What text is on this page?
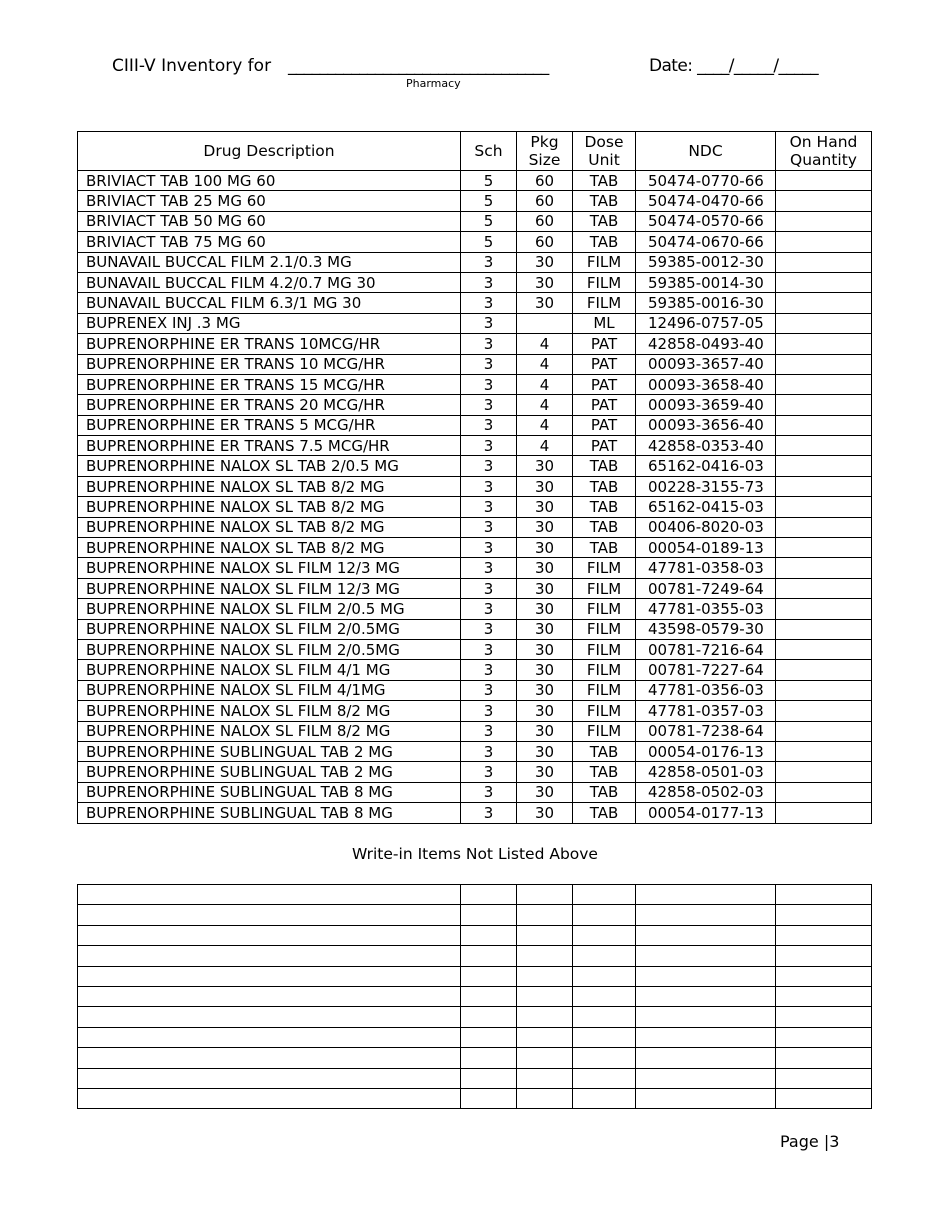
CIII-V Inventory for _________________________________
Pharmacy
Date: ____/_____/_____
Drug Description	Sch	Pkg Size	Dose Unit	NDC	On Hand Quantity
BRIVIACT TAB 100 MG 60	5	60	TAB	50474-0770-66	
BRIVIACT TAB 25 MG 60	5	60	TAB	50474-0470-66	
BRIVIACT TAB 50 MG 60	5	60	TAB	50474-0570-66	
BRIVIACT TAB 75 MG 60	5	60	TAB	50474-0670-66	
BUNAVAIL BUCCAL FILM 2.1/0.3 MG	3	30	FILM	59385-0012-30	
BUNAVAIL BUCCAL FILM 4.2/0.7 MG 30	3	30	FILM	59385-0014-30	
BUNAVAIL BUCCAL FILM 6.3/1 MG 30	3	30	FILM	59385-0016-30	
BUPRENEX INJ .3 MG	3		ML	12496-0757-05	
BUPRENORPHINE ER TRANS 10MCG/HR	3	4	PAT	42858-0493-40	
BUPRENORPHINE ER TRANS 10 MCG/HR	3	4	PAT	00093-3657-40	
BUPRENORPHINE ER TRANS 15 MCG/HR	3	4	PAT	00093-3658-40	
BUPRENORPHINE ER TRANS 20 MCG/HR	3	4	PAT	00093-3659-40	
BUPRENORPHINE ER TRANS 5 MCG/HR	3	4	PAT	00093-3656-40	
BUPRENORPHINE ER TRANS 7.5 MCG/HR	3	4	PAT	42858-0353-40	
BUPRENORPHINE NALOX SL TAB 2/0.5 MG	3	30	TAB	65162-0416-03	
BUPRENORPHINE NALOX SL TAB 8/2 MG	3	30	TAB	00228-3155-73	
BUPRENORPHINE NALOX SL TAB 8/2 MG	3	30	TAB	65162-0415-03	
BUPRENORPHINE NALOX SL TAB 8/2 MG	3	30	TAB	00406-8020-03	
BUPRENORPHINE NALOX SL TAB 8/2 MG	3	30	TAB	00054-0189-13	
BUPRENORPHINE NALOX SL FILM 12/3 MG	3	30	FILM	47781-0358-03	
BUPRENORPHINE NALOX SL FILM 12/3 MG	3	30	FILM	00781-7249-64	
BUPRENORPHINE NALOX SL FILM 2/0.5 MG	3	30	FILM	47781-0355-03	
BUPRENORPHINE NALOX SL FILM 2/0.5MG	3	30	FILM	43598-0579-30	
BUPRENORPHINE NALOX SL FILM 2/0.5MG	3	30	FILM	00781-7216-64	
BUPRENORPHINE NALOX SL FILM 4/1 MG	3	30	FILM	00781-7227-64	
BUPRENORPHINE NALOX SL FILM 4/1MG	3	30	FILM	47781-0356-03	
BUPRENORPHINE NALOX SL FILM 8/2 MG	3	30	FILM	47781-0357-03	
BUPRENORPHINE NALOX SL FILM 8/2 MG	3	30	FILM	00781-7238-64	
BUPRENORPHINE SUBLINGUAL TAB 2 MG	3	30	TAB	00054-0176-13	
BUPRENORPHINE SUBLINGUAL TAB 2 MG	3	30	TAB	42858-0501-03	
BUPRENORPHINE SUBLINGUAL TAB 8 MG	3	30	TAB	42858-0502-03	
BUPRENORPHINE SUBLINGUAL TAB 8 MG	3	30	TAB	00054-0177-13	
Write-in Items Not Listed Above

Page |3
